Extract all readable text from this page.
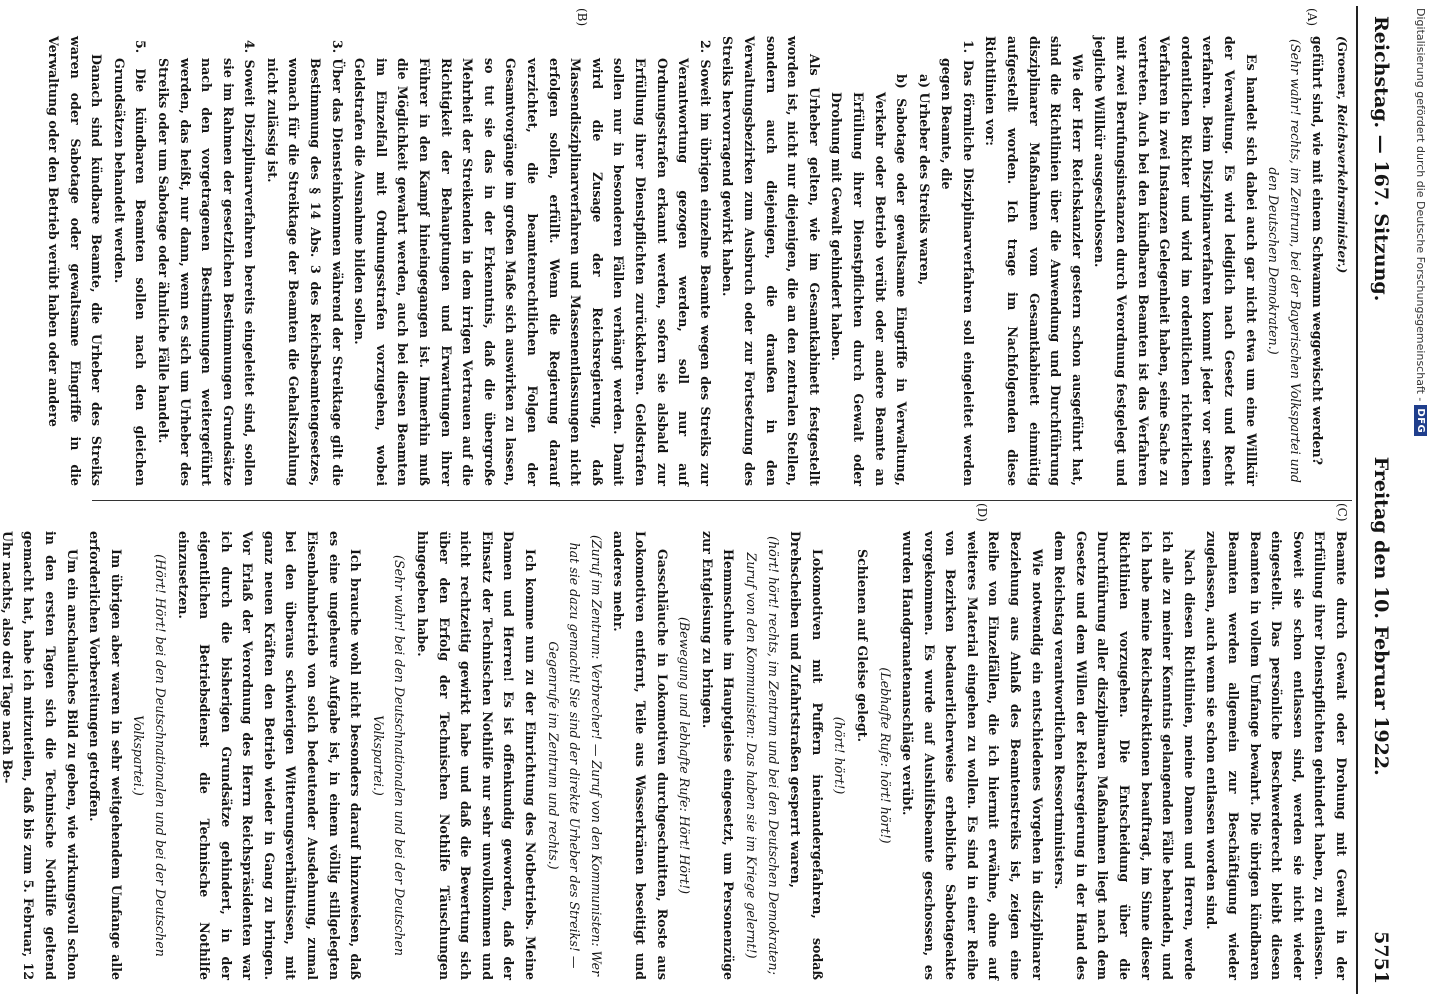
Reichstag. — 167. Sitzung.
Freitag den 10. Februar 1922.
5751
(A)
(B)
(Groener, Reichsverkehrsminister.)

geführt sind, wie mit einem Schwamm weggewischt werden?

(Sehr wahr! rechts, im Zentrum, bei der Bayerischen Volkspartei und den Deutschen Demokraten.)

Es handelt sich dabei auch gar nicht etwa um eine Willkür der Verwaltung. Es wird lediglich nach Gesetz und Recht verfahren. Beim Disziplinarverfahren kommt jeder vor seinen ordentlichen Richter und wird im ordentlichen richterlichen Verfahren in zwei Instanzen Gelegenheit haben, seine Sache zu vertreten. Auch bei den kündbaren Beamten ist das Verfahren mit zwei Berufungsinstanzen durch Verordnung festgelegt und jegliche Willkür ausgeschlossen.

Wie der Herr Reichskanzler gestern schon ausgeführt hat, sind die Richtlinien über die Anwendung und Durchführung disziplinarer Maßnahmen vom Gesamtkabinett einmütig aufgestellt worden. Ich trage im Nachfolgenden diese Richtlinien vor:

1. Das förmliche Disziplinarverfahren soll eingeleitet werden gegen Beamte, die

a) Urheber des Streiks waren,

b) Sabotage oder gewaltsame Eingriffe in Verwaltung, Verkehr oder Betrieb verübt oder andere Beamte an Erfüllung ihrer Dienstpflichten durch Gewalt oder Drohung mit Gewalt gehindert haben.

Als Urheber gelten, wie im Gesamtkabinett festgestellt worden ist, nicht nur diejenigen, die an den zentralen Stellen, sondern auch diejenigen, die draußen in den Verwaltungsbezirken zum Ausbruch oder zur Fortsetzung des Streiks hervorragend gewirkt haben.

2. Soweit im übrigen einzelne Beamte wegen des Streiks zur Verantwortung gezogen werden, soll nur auf Ordnungsstrafen erkannt werden, sofern sie alsbald zur Erfüllung ihrer Dienstpflichten zurückkehren. Geldstrafen sollen nur in besonderen Fällen verhängt werden. Damit wird die Zusage der Reichsregierung, daß Massendisziplinarverfahren und Massenentlassungen nicht erfolgen sollen, erfüllt. Wenn die Regierung darauf verzichtet, die beamtenrechtlichen Folgen der Gesamtvorgänge im großen Maße sich auswirken zu lassen, so tut sie das in der Erkenntnis, daß die übergroße Mehrheit der Streikenden in dem irrigen Vertrauen auf die Richtigkeit der Behauptungen und Erwartungen ihrer Führer in den Kampf hineingegangen ist. Immerhin muß die Möglichkeit gewahrt werden, auch bei diesen Beamten im Einzelfall mit Ordnungsstrafen vorzugehen, wobei Geldstrafen die Ausnahme bilden sollen.

3. Über das Diensteinkommen während der Streiktage gilt die Bestimmung des § 14 Abs. 3 des Reichsbeamtengesetzes, wonach für die Streiktage der Beamten die Gehaltszahlung nicht zulässig ist.

4. Soweit Disziplinarverfahren bereits eingeleitet sind, sollen sie im Rahmen der gesetzlichen Bestimmungen Grundsätze nach den vorgetragenen Bestimmungen weitergeführt werden, das heißt, nur dann, wenn es sich um Urheber des Streiks oder um Sabotage oder ähnliche Fälle handelt.

5. Die kündbaren Beamten sollen nach den gleichen Grundsätzen behandelt werden.

Danach sind kündbare Beamte, die Urheber des Streiks waren oder Sabotage oder gewaltsame Eingriffe in die Verwaltung oder den Betrieb verübt haben oder andere

(C)
(D)

Beamte durch Gewalt oder Drohung mit Gewalt in der Erfüllung ihrer Dienstpflichten gehindert haben, zu entlassen. Soweit sie schon entlassen sind, werden sie nicht wieder eingestellt. Das persönliche Beschwerderecht bleibt diesen Beamten in vollem Umfange bewahrt. Die übrigen kündbaren Beamten werden allgemein zur Beschäftigung wieder zugelassen, auch wenn sie schon entlassen worden sind.

Nach diesen Richtlinien, meine Damen und Herren, werde ich alle zu meiner Kenntnis gelangenden Fälle behandeln, und ich habe meine Reichsdirektionen beauftragt, im Sinne dieser Richtlinien vorzugehen. Die Entscheidung über die Durchführung aller disziplinaren Maßnahmen liegt nach dem Gesetze und dem Willen der Reichsregierung in der Hand des dem Reichstag verantwortlichen Ressortministers.

Wie notwendig ein entschiedenes Vorgehen in disziplinarer Beziehung aus Anlaß des Beamtenstreiks ist, zeigen eine Reihe von Einzelfällen, die ich hiermit erwähne, ohne auf weiteres Material eingehen zu wollen. Es sind in einer Reihe von Bezirken bedauerlicherweise erhebliche Sabotageakte vorgekommen. Es wurde auf Aushilfsbeamte geschossen, es wurden Handgranatenanschläge verübt.

(Lebhafte Rufe: hört! hört!)

Schienen auf Gleise gelegt.

(hört! hört!)

Lokomotiven mit Puffern ineinandergefahren, sodaß Drehscheiben und Zufahrtstraßen gesperrt waren,

(hört! hört! rechts, im Zentrum und bei den Deutschen Demokraten; Zuruf von den Kommunisten: Das haben sie im Kriege gelernt!)

Hemmschuhe im Hauptgleise eingesetzt, um Personenzüge zur Entgleisung zu bringen.

(Bewegung und lebhafte Rufe: Hört! Hört!)

Gasschläuche in Lokomotiven durchgeschnitten, Roste aus Lokomotiven entfernt, Teile aus Wasserkränen beseitigt und anderes mehr.

(Zuruf im Zentrum: Verbrecher! — Zuruf von den Kommunisten: Wer hat sie dazu gemacht! Sie sind der direkte Urheber des Streiks! — Gegenrufe im Zentrum und rechts.)

Ich komme nun zu der Einrichtung des Notbetriebs. Meine Damen und Herren! Es ist offenkundig geworden, daß der Einsatz der Technischen Nothilfe nur sehr unvollkommen und nicht rechtzeitig gewirkt habe und daß die Bewertung sich über den Erfolg der Technischen Nothilfe Täuschungen hingegeben habe.

(Sehr wahr! bei den Deutschnationalen und bei der Deutschen Volkspartei.)

Ich brauche wohl nicht besonders darauf hinzuweisen, daß es eine ungeheure Aufgabe ist, in einem völlig stillgelegten Eisenbahnbetrieb von solch bedeutender Ausdehnung, zumal bei den überaus schwierigen Witterungsverhältnissen, mit ganz neuen Kräften den Betrieb wieder in Gang zu bringen. Vor Erlaß der Verordnung des Herrn Reichspräsidenten war ich durch die bisherigen Grundsätze gehindert, in der eigentlichen Betriebsdienst die Technische Nothilfe einzusetzen.

(Hört! Hört! bei den Deutschnationalen und bei der Deutschen Volkspartei.)

Im übrigen aber waren in sehr weitgehendem Umfange alle erforderlichen Vorbereitungen getroffen.

Um ein anschauliches Bild zu geben, wie wirkungsvoll schon in den ersten Tagen sich die Technische Nothilfe geltend gemacht hat, habe ich mitzuteilen, daß bis zum 5. Februar, 12 Uhr nachts, also drei Tage nach Be-

Digitalisierung gefördert durch die Deutsche Forschungsgemeinschaft -
DFG
